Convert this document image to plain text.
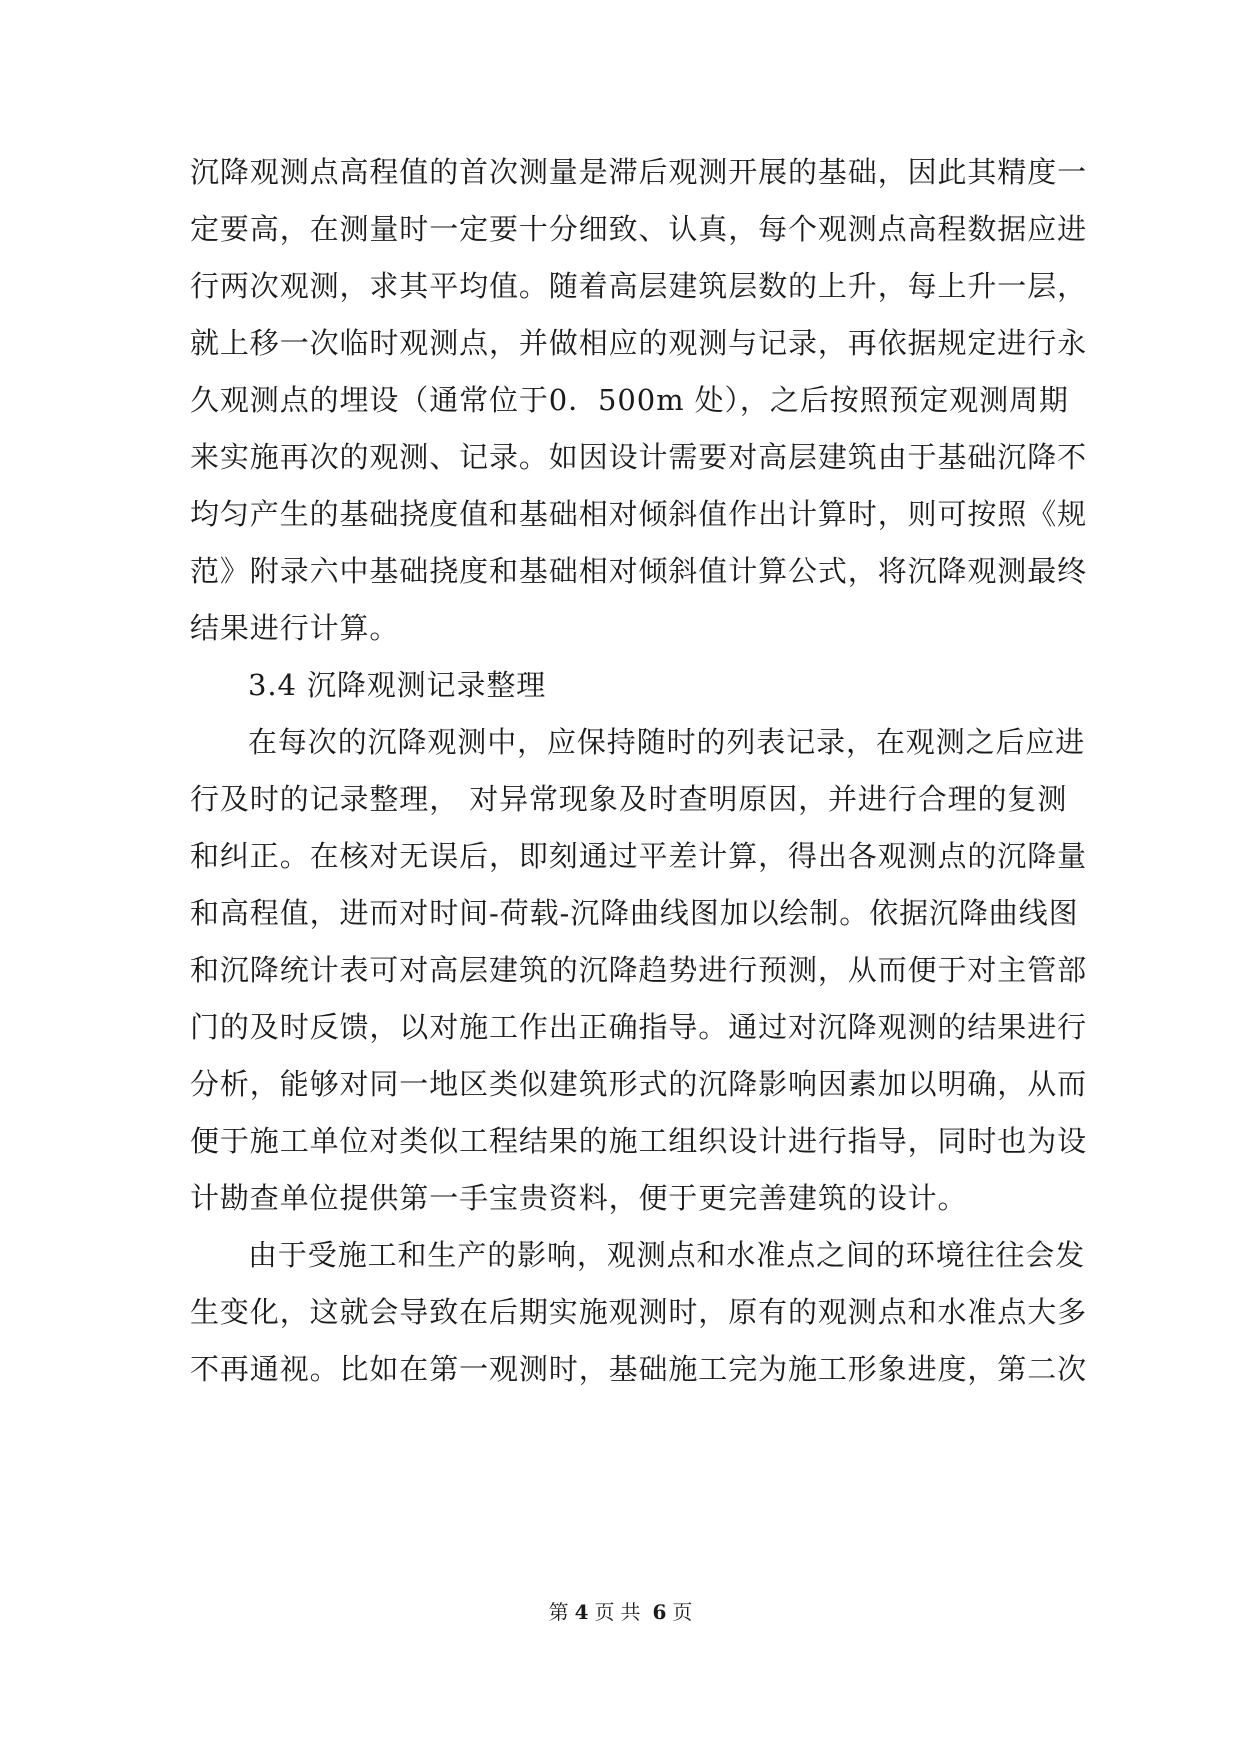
沉降观测点高程值的首次测量是滞后观测开展的基础，因此其精度一
定要高，在测量时一定要十分细致、认真，每个观测点高程数据应进
行两次观测，求其平均值。随着高层建筑层数的上升，每上升一层，
就上移一次临时观测点，并做相应的观测与记录，再依据规定进行永
久观测点的埋设（通常位于0．500m 处），之后按照预定观测周期
来实施再次的观测、记录。如因设计需要对高层建筑由于基础沉降不
均匀产生的基础挠度值和基础相对倾斜值作出计算时，则可按照《规
范》附录六中基础挠度和基础相对倾斜值计算公式，将沉降观测最终
结果进行计算。
3.4 沉降观测记录整理
在每次的沉降观测中，应保持随时的列表记录，在观测之后应进
行及时的记录整理， 对异常现象及时查明原因，并进行合理的复测
和纠正。在核对无误后，即刻通过平差计算，得出各观测点的沉降量
和高程值，进而对时间-荷载-沉降曲线图加以绘制。依据沉降曲线图
和沉降统计表可对高层建筑的沉降趋势进行预测，从而便于对主管部
门的及时反馈，以对施工作出正确指导。通过对沉降观测的结果进行
分析，能够对同一地区类似建筑形式的沉降影响因素加以明确，从而
便于施工单位对类似工程结果的施工组织设计进行指导，同时也为设
计勘查单位提供第一手宝贵资料，便于更完善建筑的设计。
由于受施工和生产的影响，观测点和水准点之间的环境往往会发
生变化，这就会导致在后期实施观测时，原有的观测点和水准点大多
不再通视。比如在第一观测时，基础施工完为施工形象进度，第二次
第 4 页 共 6 页
